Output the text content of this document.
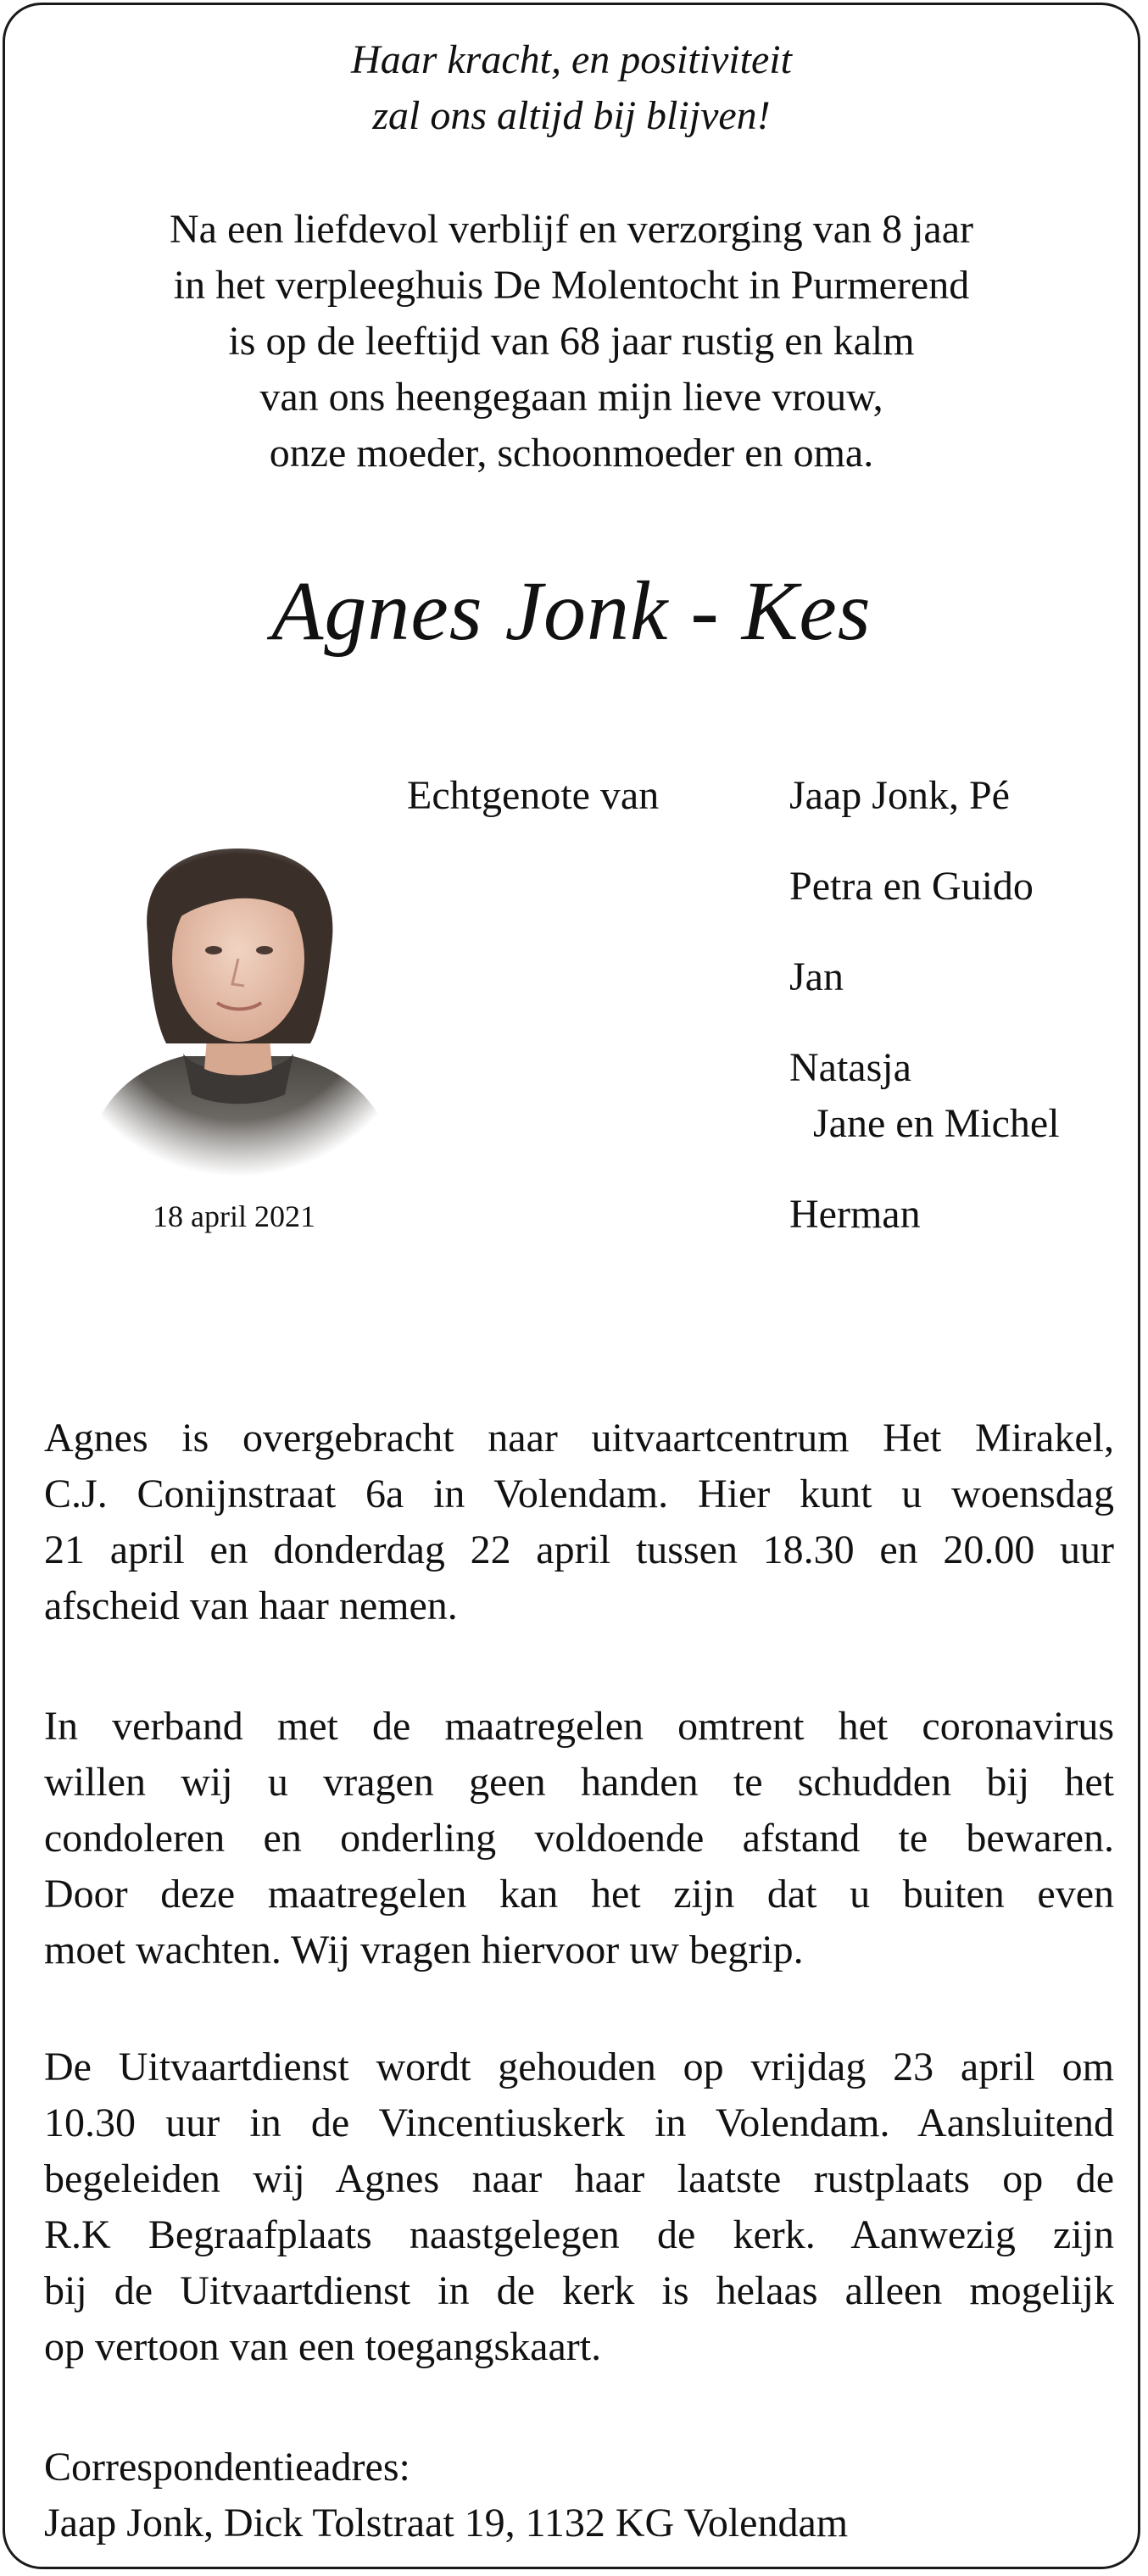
Haar kracht, en positiviteit
zal ons altijd bij blijven!
Na een liefdevol verblijf en verzorging van 8 jaar
in het verpleeghuis De Molentocht in Purmerend
is op de leeftijd van 68 jaar rustig en kalm
van ons heengegaan mijn lieve vrouw,
onze moeder, schoonmoeder en oma.
Agnes Jonk - Kes
Echtgenote van	Jaap Jonk, Pé
Petra en Guido
Jan
Natasja
Jane en Michel
Herman
18 april 2021
Agnes is overgebracht naar uitvaartcentrum Het Mirakel,
C.J. Conijnstraat 6a in Volendam. Hier kunt u woensdag
21 april en donderdag 22 april tussen 18.30 en 20.00 uur
afscheid van haar nemen.
In verband met de maatregelen omtrent het coronavirus
willen wij u vragen geen handen te schudden bij het
condoleren en onderling voldoende afstand te bewaren.
Door deze maatregelen kan het zijn dat u buiten even
moet wachten. Wij vragen hiervoor uw begrip.
De Uitvaartdienst wordt gehouden op vrijdag 23 april om
10.30 uur in de Vincentiuskerk in Volendam. Aansluitend
begeleiden wij Agnes naar haar laatste rustplaats op de
R.K Begraafplaats naastgelegen de kerk. Aanwezig zijn
bij de Uitvaartdienst in de kerk is helaas alleen mogelijk
op vertoon van een toegangskaart.
Correspondentieadres:
Jaap Jonk, Dick Tolstraat 19, 1132 KG Volendam
